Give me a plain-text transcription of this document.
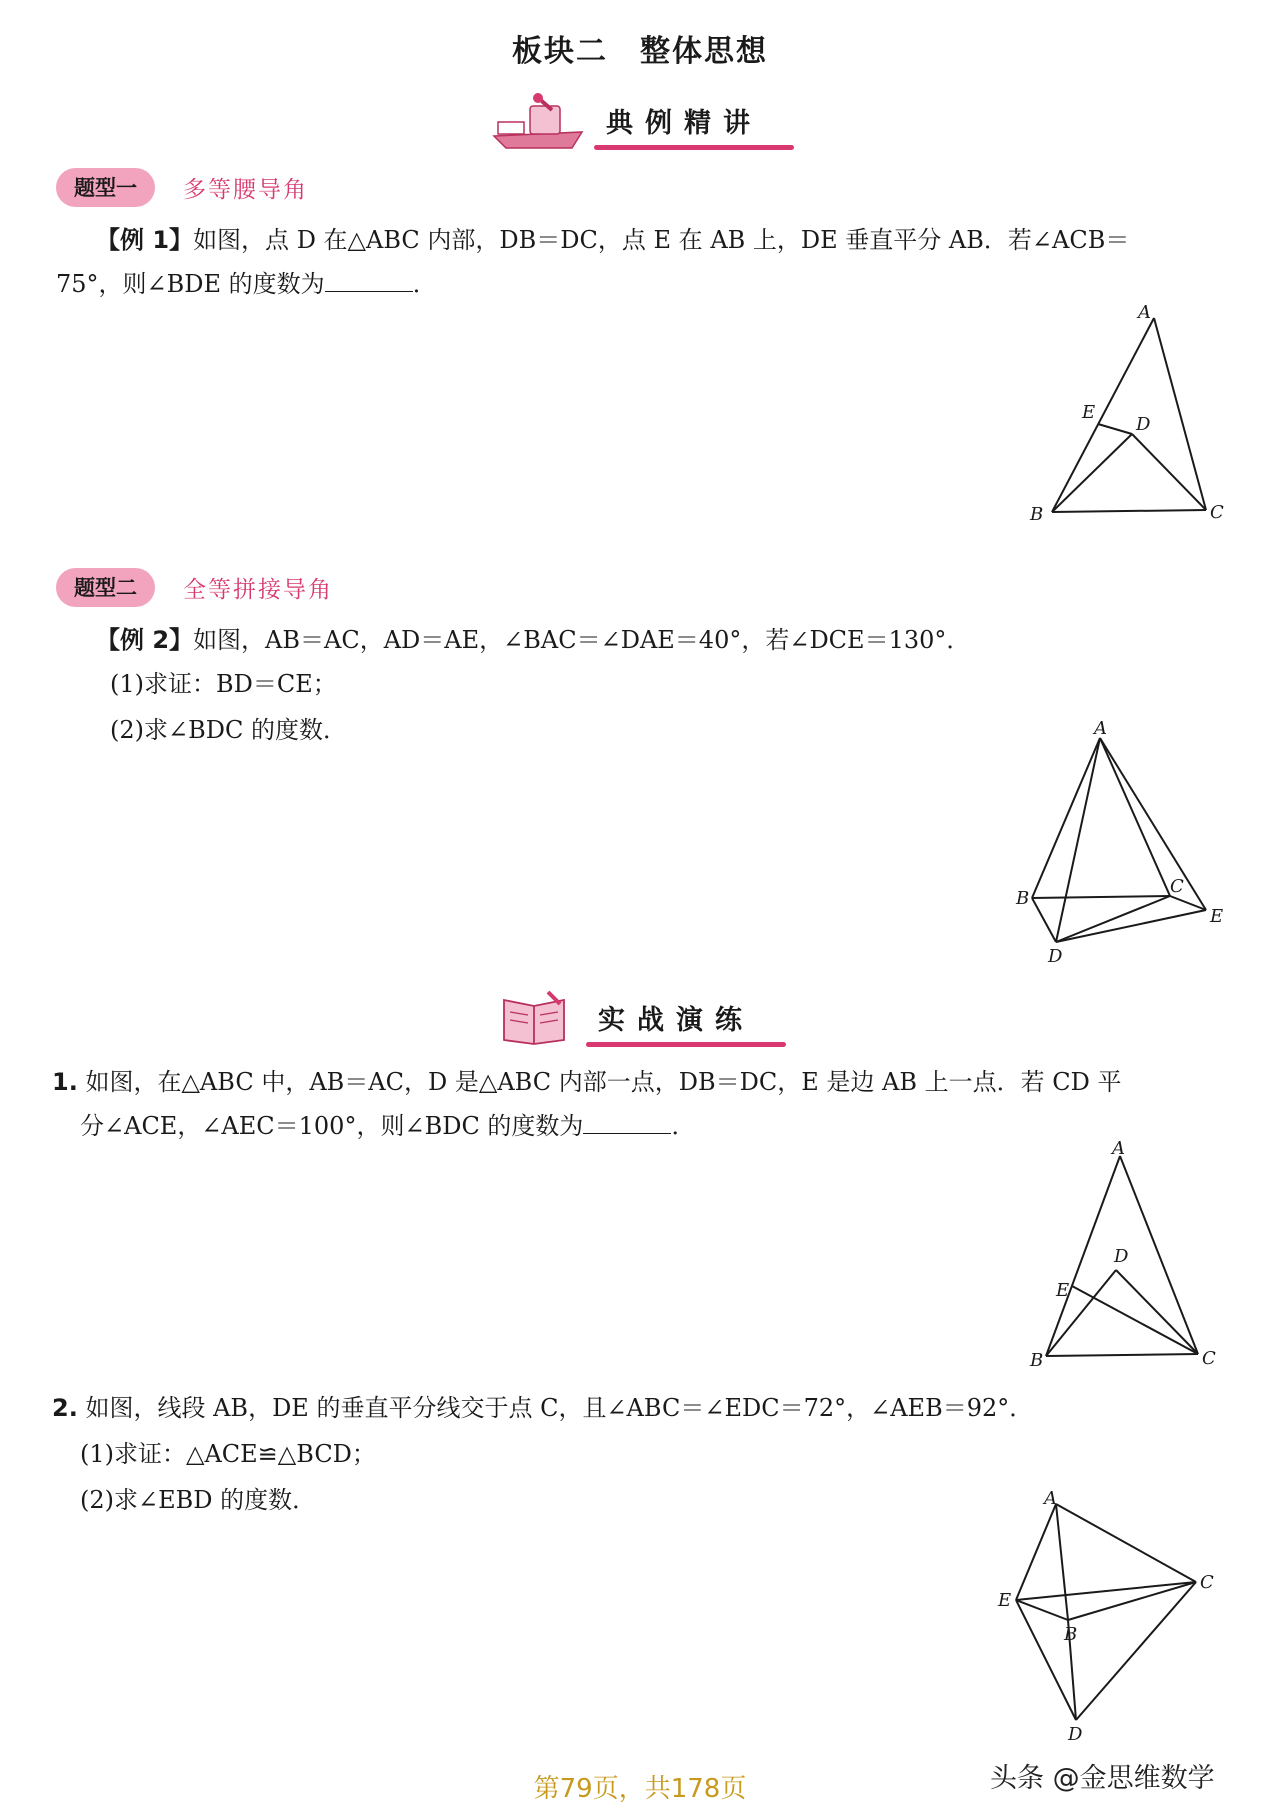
板块二　整体思想
典例精讲
题型一	多等腰导角
【例 1】如图，点 D 在△ABC 内部，DB＝DC，点 E 在 AB 上，DE 垂直平分 AB．若∠ACB＝
75°，则∠BDE 的度数为	．
A
E
D
B	C
题型二	全等拼接导角
【例 2】如图，AB＝AC，AD＝AE，∠BAC＝∠DAE＝40°，若∠DCE＝130°．
(1)求证：BD＝CE；
(2)求∠BDC 的度数．	A
B
C
E
D
实战演练
1. 如图，在△ABC 中，AB＝AC，D 是△ABC 内部一点，DB＝DC，E 是边 AB 上一点．若 CD 平
分∠ACE，∠AEC＝100°，则∠BDC 的度数为	．
A
D
E
B	C
2. 如图，线段 AB，DE 的垂直平分线交于点 C，且∠ABC＝∠EDC＝72°，∠AEB＝92°．
(1)求证：△ACE≌△BCD；
(2)求∠EBD 的度数．	A
C
E
B
D
第79页，共178页	头条 @金思维数学
